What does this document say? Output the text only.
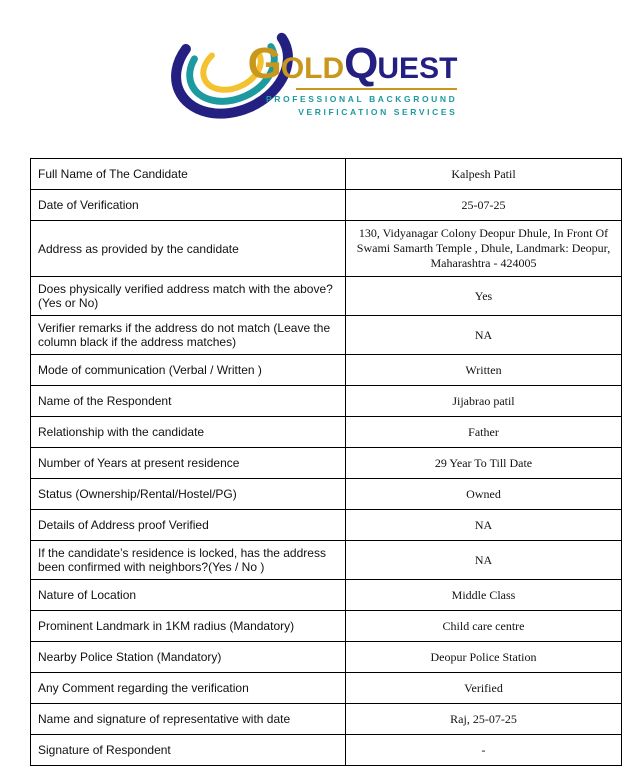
GOLDQUEST
PROFESSIONAL BACKGROUND
VERIFICATION SERVICES
Full Name of The Candidate	Kalpesh Patil
Date of Verification	25-07-25
Address as provided by the candidate	130, Vidyanagar Colony Deopur Dhule, In Front Of Swami Samarth Temple , Dhule, Landmark: Deopur, Maharashtra - 424005
Does physically verified address match with the above? (Yes or No)	Yes
Verifier remarks if the address do not match (Leave the column black if the address matches)	NA
Mode of communication (Verbal / Written )	Written
Name of the Respondent	Jijabrao patil
Relationship with the candidate	Father
Number of Years at present residence	29 Year To Till Date
Status (Ownership/Rental/Hostel/PG)	Owned
Details of Address proof Verified	NA
If the candidate’s residence is locked, has the address been confirmed with neighbors?(Yes / No )	NA
Nature of Location	Middle Class
Prominent Landmark in 1KM radius (Mandatory)	Child care centre
Nearby Police Station (Mandatory)	Deopur Police Station
Any Comment regarding the verification	Verified
Name and signature of representative with date	Raj, 25-07-25
Signature of Respondent	-
